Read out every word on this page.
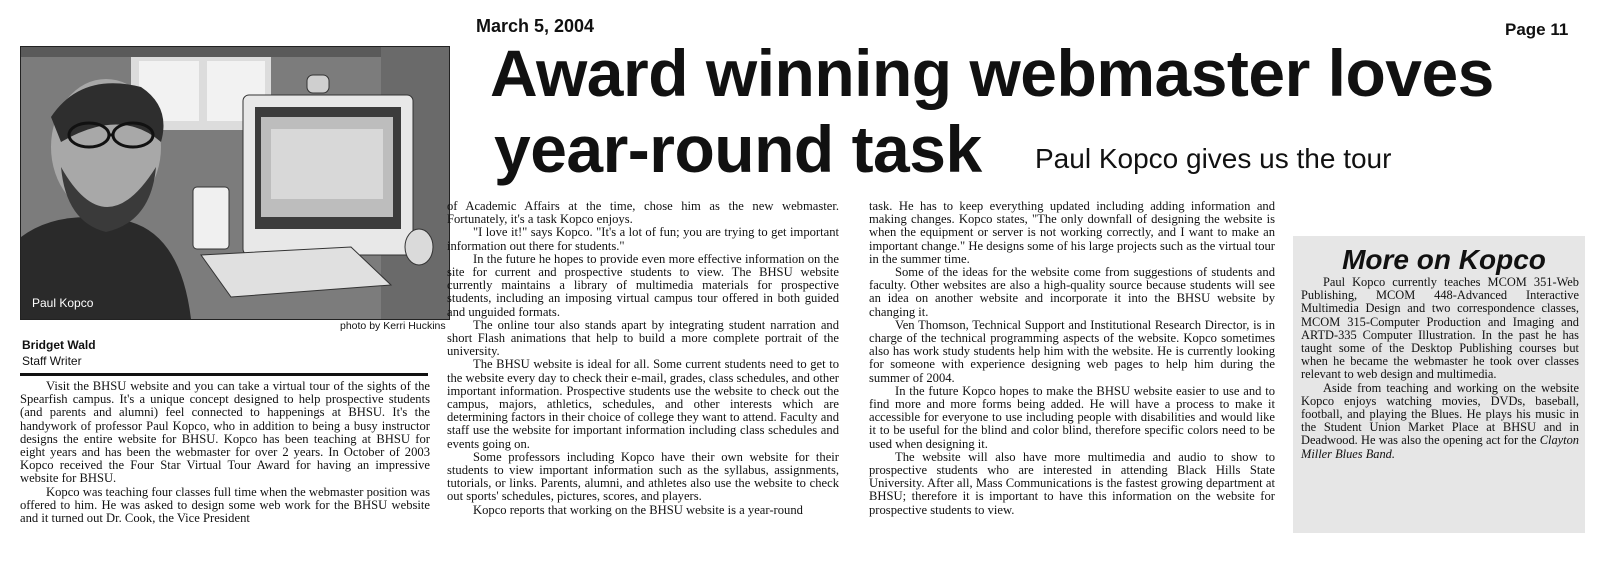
March 5, 2004	Page 11
Award winning webmaster loves
year-round task Paul Kopco gives us the tour
Paul Kopco
photo by Kerri Huckins
Bridget Wald
Staff Writer

Visit the BHSU website and you can take a virtual tour of the sights of the Spearfish campus. It's a unique concept designed to help prospective students (and parents and alumni) feel connected to happenings at BHSU. It's the handywork of professor Paul Kopco, who in addition to being a busy instructor designs the entire website for BHSU. Kopco has been teaching at BHSU for eight years and has been the webmaster for over 2 years. In October of 2003 Kopco received the Four Star Virtual Tour Award for having an impressive website for BHSU.

Kopco was teaching four classes full time when the webmaster position was offered to him. He was asked to design some web work for the BHSU website and it turned out Dr. Cook, the Vice President

of Academic Affairs at the time, chose him as the new webmaster. Fortunately, it's a task Kopco enjoys.

"I love it!" says Kopco. "It's a lot of fun; you are trying to get important information out there for students."

In the future he hopes to provide even more effective information on the site for current and prospective students to view. The BHSU website currently maintains a library of multimedia materials for prospective students, including an imposing virtual campus tour offered in both guided and unguided formats.

The online tour also stands apart by integrating student narration and short Flash animations that help to build a more complete portrait of the university.

The BHSU website is ideal for all. Some current students need to get to the website every day to check their e-mail, grades, class schedules, and other important information. Prospective students use the website to check out the campus, majors, athletics, schedules, and other interests which are determining factors in their choice of college they want to attend. Faculty and staff use the website for important information including class schedules and events going on.

Some professors including Kopco have their own website for their students to view important information such as the syllabus, assignments, tutorials, or links. Parents, alumni, and athletes also use the website to check out sports' schedules, pictures, scores, and players.

Kopco reports that working on the BHSU website is a year-round

task. He has to keep everything updated including adding information and making changes. Kopco states, "The only downfall of designing the website is when the equipment or server is not working correctly, and I want to make an important change." He designs some of his large projects such as the virtual tour in the summer time.

Some of the ideas for the website come from suggestions of students and faculty. Other websites are also a high-quality source because students will see an idea on another website and incorporate it into the BHSU website by changing it.

Ven Thomson, Technical Support and Institutional Research Director, is in charge of the technical programming aspects of the website. Kopco sometimes also has work study students help him with the website. He is currently looking for someone with experience designing web pages to help him during the summer of 2004.

In the future Kopco hopes to make the BHSU website easier to use and to find more and more forms being added. He will have a process to make it accessible for everyone to use including people with disabilities and would like it to be useful for the blind and color blind, therefore specific colors need to be used when designing it.

The website will also have more multimedia and audio to show to prospective students who are interested in attending Black Hills State University. After all, Mass Communications is the fastest growing department at BHSU; therefore it is important to have this information on the website for prospective students to view.

More on Kopco

Paul Kopco currently teaches MCOM 351-Web Publishing, MCOM 448-Advanced Interactive Multimedia Design and two correspondence classes, MCOM 315-Computer Production and Imaging and ARTD-335 Computer Illustration. In the past he has taught some of the Desktop Publishing courses but when he became the webmaster he took over classes relevant to web design and multimedia.

Aside from teaching and working on the website Kopco enjoys watching movies, DVDs, baseball, football, and playing the Blues. He plays his music in the Student Union Market Place at BHSU and in Deadwood. He was also the opening act for the Clayton Miller Blues Band.
